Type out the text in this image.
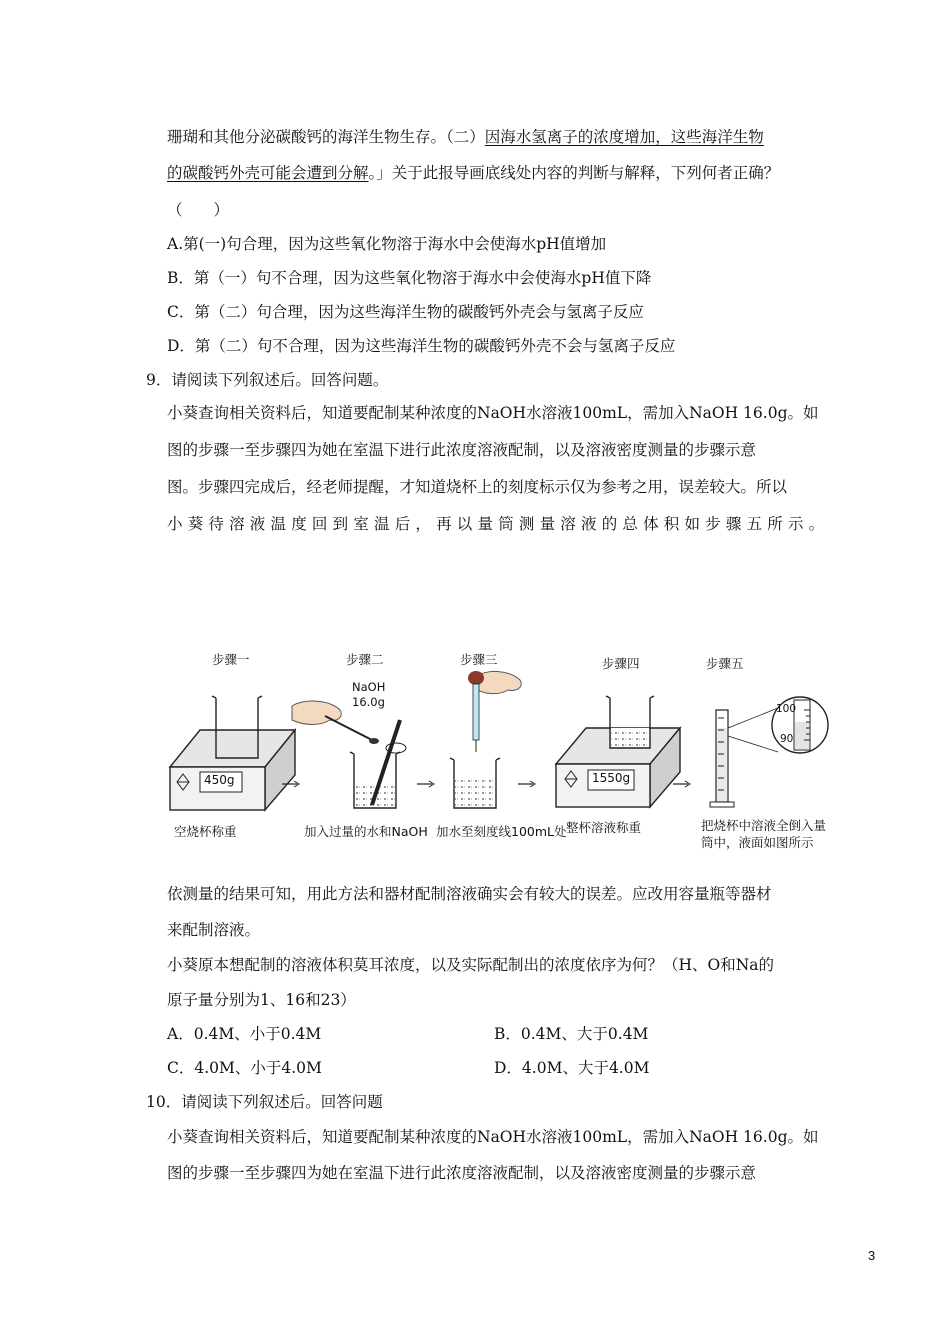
珊瑚和其他分泌碳酸钙的海洋生物生存。（二）因海水氢离子的浓度增加，这些海洋生物
的碳酸钙外壳可能会遭到分解。」关于此报导画底线处内容的判断与解释，下列何者正确？
（　　）
A.第(一)句合理，因为这些氧化物溶于海水中会使海水pH值增加
B．第（一）句不合理，因为这些氧化物溶于海水中会使海水pH值下降
C．第（二）句合理，因为这些海洋生物的碳酸钙外壳会与氢离子反应
D．第（二）句不合理，因为这些海洋生物的碳酸钙外壳不会与氢离子反应
9．请阅读下列叙述后。回答问题。
小葵查询相关资料后，知道要配制某种浓度的NaOH水溶液100mL，需加入NaOH 16.0g。如
图的步骤一至步骤四为她在室温下进行此浓度溶液配制，以及溶液密度测量的步骤示意
图。步骤四完成后，经老师提醒，才知道烧杯上的刻度标示仅为参考之用，误差较大。所以
小葵待溶液温度回到室温后，再以量筒测量溶液的总体积如步骤五所示。
步骤一	步骤二	步骤三	步骤四	步骤五
450g	1550g
NaOH
16.0g	100
90
空烧杯称重	加入过量的水和NaOH 加水至刻度线100mL处 整杯溶液称重	把烧杯中溶液全倒入量
筒中，液面如图所示
依测量的结果可知，用此方法和器材配制溶液确实会有较大的误差。应改用容量瓶等器材
来配制溶液。
小葵原本想配制的溶液体积莫耳浓度，以及实际配制出的浓度依序为何？（H、O和Na的
原子量分别为1、16和23）
A．0.4M、小于0.4M	B．0.4M、大于0.4M
C．4.0M、小于4.0M	D．4.0M、大于4.0M
10．请阅读下列叙述后。回答问题
小葵查询相关资料后，知道要配制某种浓度的NaOH水溶液100mL，需加入NaOH 16.0g。如
图的步骤一至步骤四为她在室温下进行此浓度溶液配制，以及溶液密度测量的步骤示意
3
